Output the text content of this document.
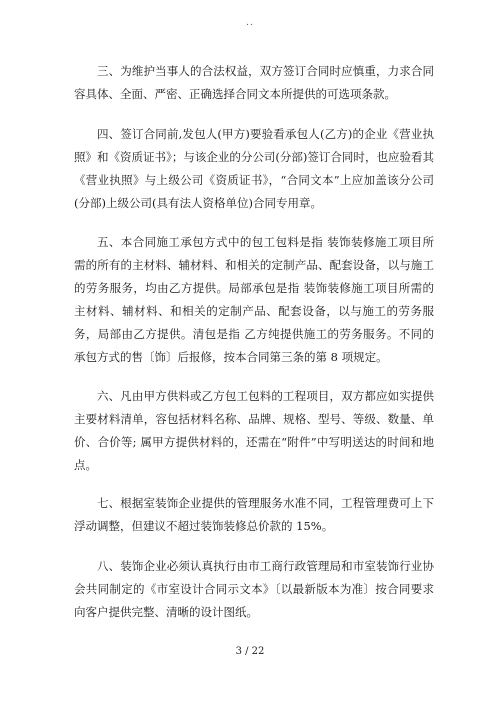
..

三、为维护当事人的合法权益，双方签订合同时应慎重，力求合同容具体、全面、严密、正确选择合同文本所提供的可选项条款。

四、签订合同前,发包人(甲方)要验看承包人(乙方)的企业《营业执照》和《资质证书》；与该企业的分公司(分部)签订合同时，也应验看其《营业执照》与上级公司《资质证书》，“合同文本”上应加盖该分公司(分部)上级公司(具有法人资格单位)合同专用章。

五、本合同施工承包方式中的包工包料是指 装饰装修施工项目所需的所有的主材料、辅材料、和相关的定制产品、配套设备，以与施工的劳务服务，均由乙方提供。局部承包是指 装饰装修施工项目所需的主材料、辅材料、和相关的定制产品、配套设备，以与施工的劳务服务，局部由乙方提供。清包是指 乙方纯提供施工的劳务服务。不同的承包方式的售〔饰〕后报修，按本合同第三条的第 8 项规定。

六、凡由甲方供料或乙方包工包料的工程项目，双方都应如实提供主要材料清单，容包括材料名称、品牌、规格、型号、等级、数量、单价、合价等; 属甲方提供材料的，还需在“附件”中写明送达的时间和地点。

七、根据室装饰企业提供的管理服务水准不同，工程管理费可上下浮动调整，但建议不超过装饰装修总价款的 15%。

八、装饰企业必须认真执行由市工商行政管理局和市室装饰行业协会共同制定的《市室设计合同示文本》〔以最新版本为准〕按合同要求向客户提供完整、清晰的设计图纸。

3 / 22
